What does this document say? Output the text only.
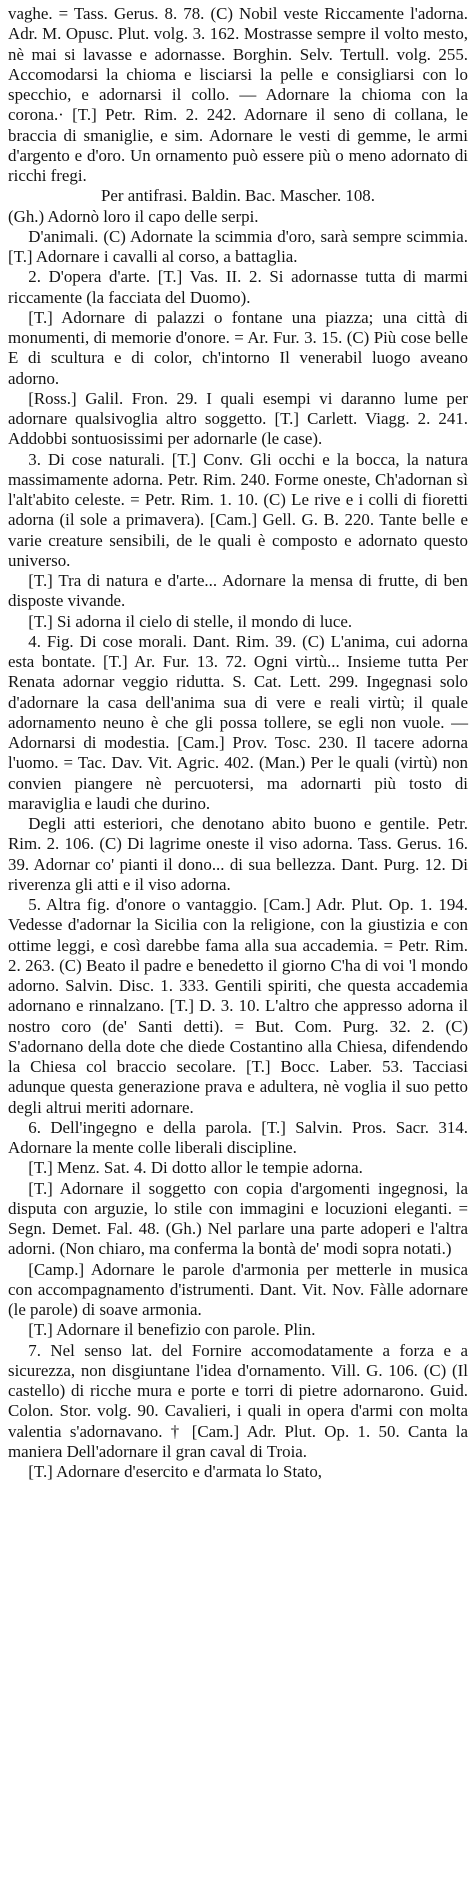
vaghe. = Tass. Gerus. 8. 78. (C) Nobil veste Riccamente l'adorna. Adr. M. Opusc. Plut. volg. 3. 162. Mostrasse sempre il volto mesto, nè mai si lavasse e adornasse. Borghin. Selv. Tertull. volg. 255. Accomodarsi la chioma e lisciarsi la pelle e consigliarsi con lo specchio, e adornarsi il collo. — Adornare la chioma con la corona.· [T.] Petr. Rim. 2. 242. Adornare il seno di collana, le braccia di smaniglie, e sim. Adornare le vesti di gemme, le armi d'argento e d'oro. Un ornamento può essere più o meno adornato di ricchi fregi.

Per antifrasi. Baldin. Bac. Mascher. 108.

(Gh.) Adornò loro il capo delle serpi.

D'animali. (C) Adornate la scimmia d'oro, sarà sempre scimmia. [T.] Adornare i cavalli al corso, a battaglia.

2. D'opera d'arte. [T.] Vas. II. 2. Si adornasse tutta di marmi riccamente (la facciata del Duomo).

[T.] Adornare di palazzi o fontane una piazza; una città di monumenti, di memorie d'onore. = Ar. Fur. 3. 15. (C) Più cose belle E di scultura e di color, ch'intorno Il venerabil luogo aveano adorno.

[Ross.] Galil. Fron. 29. I quali esempi vi daranno lume per adornare qualsivoglia altro soggetto. [T.] Carlett. Viagg. 2. 241. Addobbi sontuosissimi per adornarle (le case).

3. Di cose naturali. [T.] Conv. Gli occhi e la bocca, la natura massimamente adorna. Petr. Rim. 240. Forme oneste, Ch'adornan sì l'alt'abito celeste. = Petr. Rim. 1. 10. (C) Le rive e i colli di fioretti adorna (il sole a primavera). [Cam.] Gell. G. B. 220. Tante belle e varie creature sensibili, de le quali è composto e adornato questo universo.

[T.] Tra di natura e d'arte... Adornare la mensa di frutte, di ben disposte vivande.

[T.] Si adorna il cielo di stelle, il mondo di luce.

4. Fig. Di cose morali. Dant. Rim. 39. (C) L'anima, cui adorna esta bontate. [T.] Ar. Fur. 13. 72. Ogni virtù... Insieme tutta Per Renata adornar veggio ridutta. S. Cat. Lett. 299. Ingegnasi solo d'adornare la casa dell'anima sua di vere e reali virtù; il quale adornamento neuno è che gli possa tollere, se egli non vuole. — Adornarsi di modestia. [Cam.] Prov. Tosc. 230. Il tacere adorna l'uomo. = Tac. Dav. Vit. Agric. 402. (Man.) Per le quali (virtù) non convien piangere nè percuotersi, ma adornarti più tosto di maraviglia e laudi che durino.

Degli atti esteriori, che denotano abito buono e gentile. Petr. Rim. 2. 106. (C) Di lagrime oneste il viso adorna. Tass. Gerus. 16. 39. Adornar co' pianti il dono... di sua bellezza. Dant. Purg. 12. Di riverenza gli atti e il viso adorna.

5. Altra fig. d'onore o vantaggio. [Cam.] Adr. Plut. Op. 1. 194. Vedesse d'adornar la Sicilia con la religione, con la giustizia e con ottime leggi, e così darebbe fama alla sua accademia. = Petr. Rim. 2. 263. (C) Beato il padre e benedetto il giorno C'ha di voi 'l mondo adorno. Salvin. Disc. 1. 333. Gentili spiriti, che questa accademia adornano e rinnalzano. [T.] D. 3. 10. L'altro che appresso adorna il nostro coro (de' Santi detti). = But. Com. Purg. 32. 2. (C) S'adornano della dote che diede Costantino alla Chiesa, difendendo la Chiesa col braccio secolare. [T.] Bocc. Laber. 53. Tacciasi adunque questa generazione prava e adultera, nè voglia il suo petto degli altrui meriti adornare.

6. Dell'ingegno e della parola. [T.] Salvin. Pros. Sacr. 314. Adornare la mente colle liberali discipline.

[T.] Menz. Sat. 4. Di dotto allor le tempie adorna.

[T.] Adornare il soggetto con copia d'argomenti ingegnosi, la disputa con arguzie, lo stile con immagini e locuzioni eleganti. = Segn. Demet. Fal. 48. (Gh.) Nel parlare una parte adoperi e l'altra adorni. (Non chiaro, ma conferma la bontà de' modi sopra notati.)

[Camp.] Adornare le parole d'armonia per metterle in musica con accompagnamento d'istrumenti. Dant. Vit. Nov. Fàlle adornare (le parole) di soave armonia.

[T.] Adornare il benefizio con parole. Plin.

7. Nel senso lat. del Fornire accomodatamente a forza e a sicurezza, non disgiuntane l'idea d'ornamento. Vill. G. 106. (C) (Il castello) di ricche mura e porte e torri di pietre adornarono. Guid. Colon. Stor. volg. 90. Cavalieri, i quali in opera d'armi con molta valentia s'adornavano. † [Cam.] Adr. Plut. Op. 1. 50. Canta la maniera Dell'adornare il gran caval di Troia.

[T.] Adornare d'esercito e d'armata lo Stato,
